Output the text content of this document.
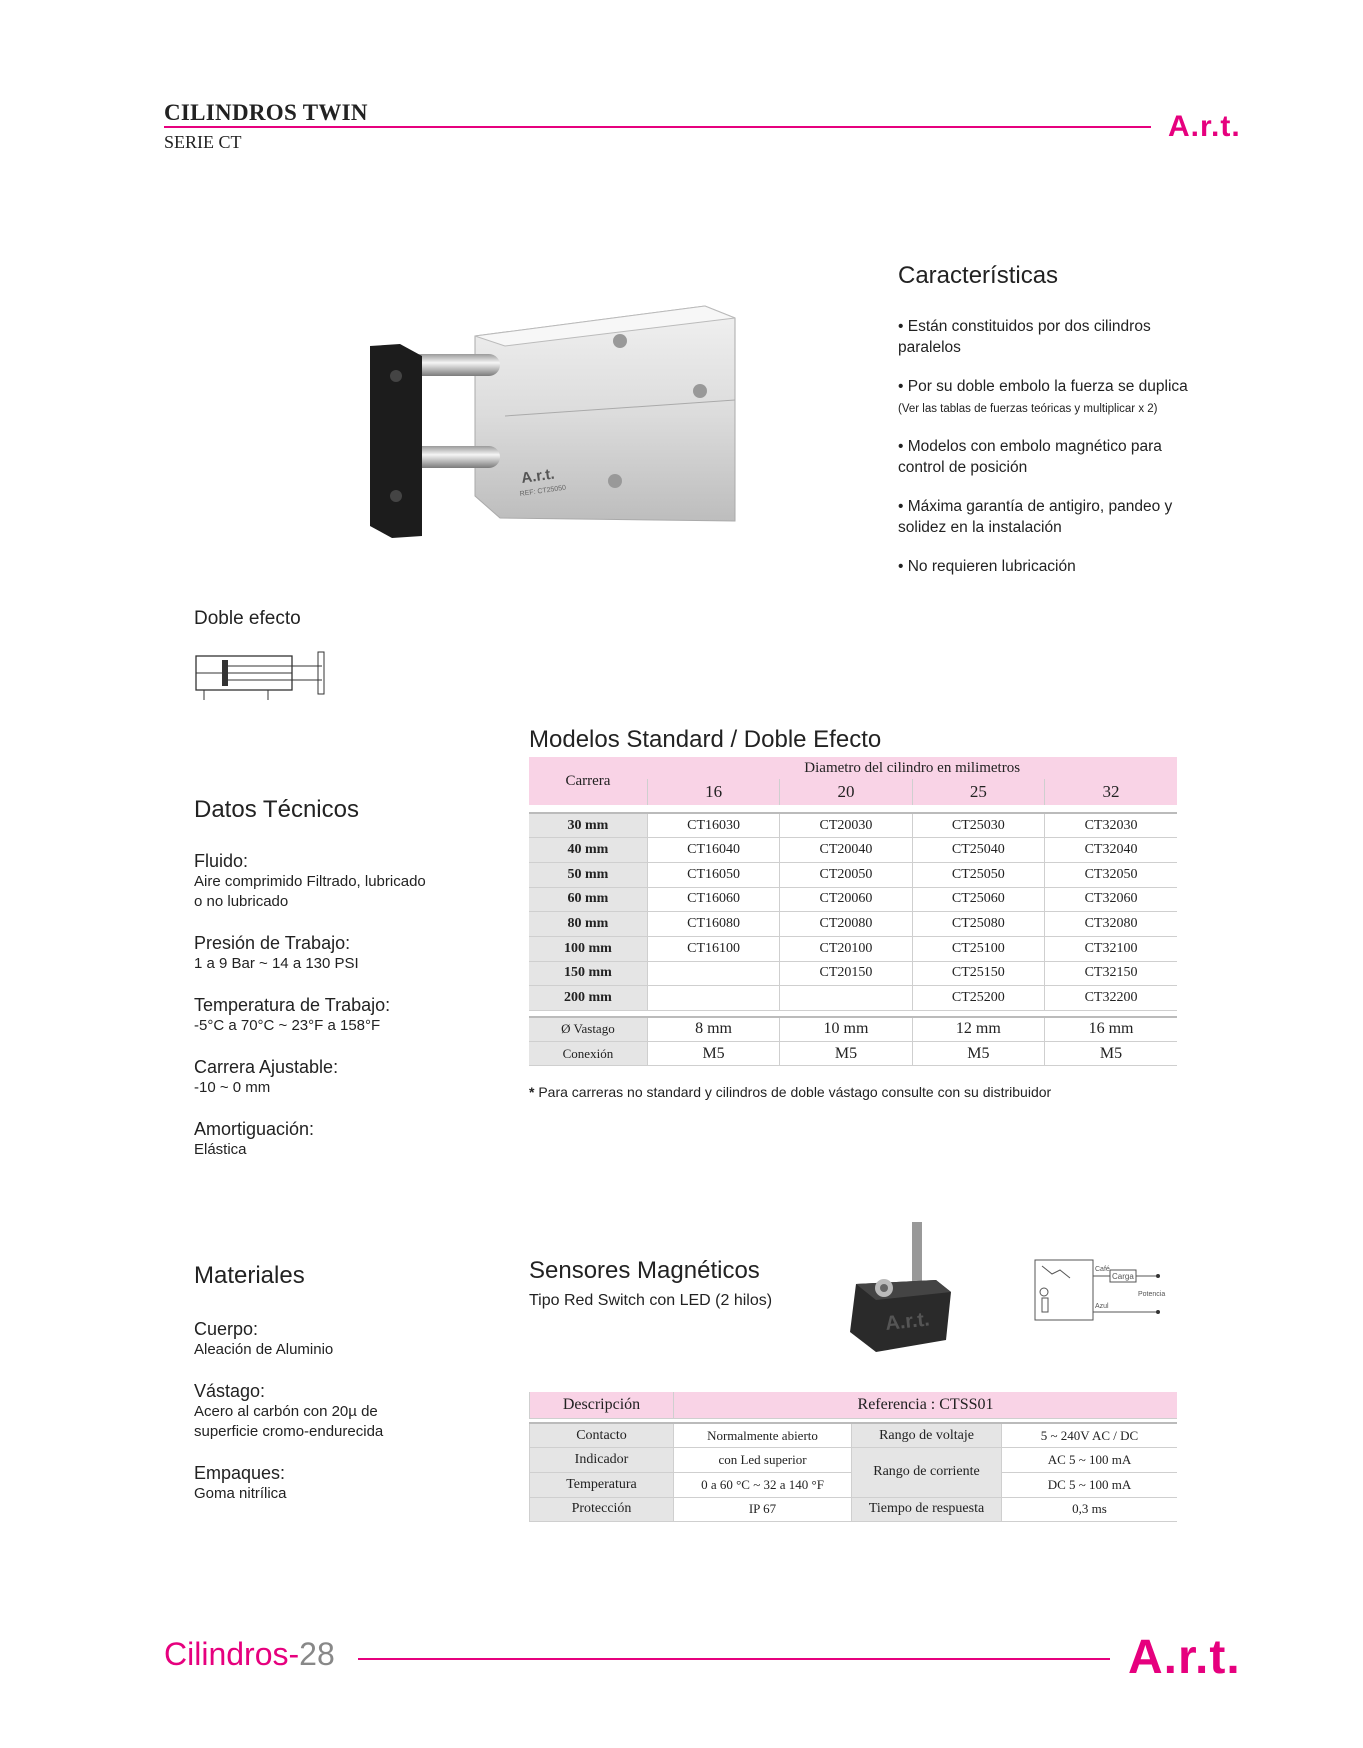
CILINDROS TWIN
SERIE CT	A.r.t.
A.r.t.
REF: CT25050
Características
• Están constituidos por dos cilindros paralelos
• Por su doble embolo la fuerza se duplica
(Ver las tablas de fuerzas teóricas y multiplicar x 2)
• Modelos con embolo magnético para control de posición
• Máxima garantía de antigiro, pandeo y solidez en la instalación
• No requieren lubricación
Doble efecto
Modelos Standard / Doble Efecto
Carrera	Diametro del cilindro en milimetros			
	16	20	25	32

30 mm	CT16030	CT20030	CT25030	CT32030
40 mm	CT16040	CT20040	CT25040	CT32040
50 mm	CT16050	CT20050	CT25050	CT32050
60 mm	CT16060	CT20060	CT25060	CT32060
80 mm	CT16080	CT20080	CT25080	CT32080
100 mm	CT16100	CT20100	CT25100	CT32100
150 mm		CT20150	CT25150	CT32150
200 mm			CT25200	CT32200

Ø Vastago	8 mm	10 mm	12 mm	16 mm
Conexión	M5	M5	M5	M5
* Para carreras no standard y cilindros de doble vástago consulte con su distribuidor
Datos Técnicos
Fluido:
Aire comprimido Filtrado, lubricado o no lubricado
Presión de Trabajo:
1 a 9 Bar ~ 14 a 130 PSI
Temperatura de Trabajo:
-5°C a 70°C ~ 23°F a 158°F
Carrera Ajustable:
-10 ~ 0 mm
Amortiguación:
Elástica
Materiales
Cuerpo:
Aleación de Aluminio
Vástago:
Acero al carbón con 20µ de superficie cromo-endurecida
Empaques:
Goma nitrílica
Sensores Magnéticos
Tipo Red Switch con LED (2 hilos)
A.r.t.
Café
Carga
Potencia
Azul
Descripción	Referencia : CTSS01		

Contacto	Normalmente abierto	Rango de voltaje	5 ~ 240V AC / DC
Indicador	con Led superior	Rango de corriente	AC 5 ~ 100 mA
Temperatura	0 a 60 °C ~ 32 a 140 °F		DC 5 ~ 100 mA
Protección	IP 67	Tiempo de respuesta	0,3 ms
Cilindros-28	A.r.t.
